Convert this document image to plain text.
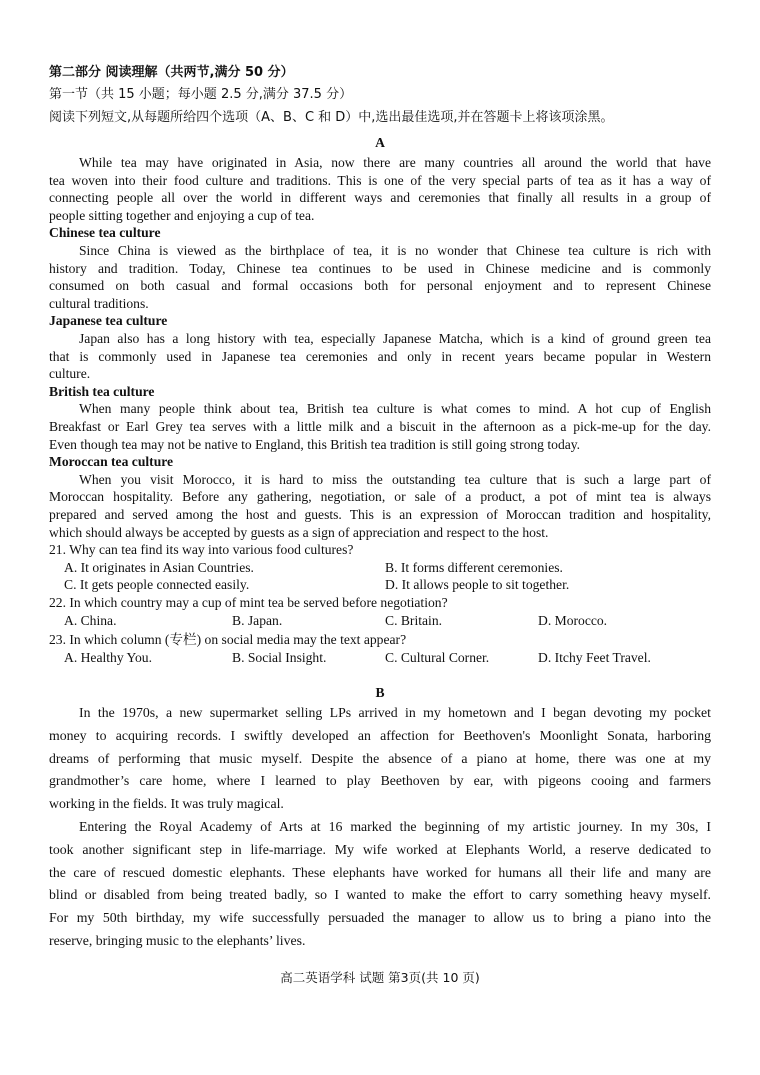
第二部分 阅读理解（共两节,满分 50 分）
第一节（共 15 小题；每小题 2.5 分,满分 37.5 分）
阅读下列短文,从每题所给四个选项（A、B、C 和 D）中,选出最佳选项,并在答题卡上将该项涂黑。
A
While tea may have originated in Asia, now there are many countries all around the world that have
tea woven into their food culture and traditions. This is one of the very special parts of tea as it has a way of
connecting people all over the world in different ways and ceremonies that finally all results in a group of
people sitting together and enjoying a cup of tea.
Chinese tea culture
Since China is viewed as the birthplace of tea, it is no wonder that Chinese tea culture is rich with
history and tradition. Today, Chinese tea continues to be used in Chinese medicine and is commonly
consumed on both casual and formal occasions both for personal enjoyment and to represent Chinese
cultural traditions.
Japanese tea culture
Japan also has a long history with tea, especially Japanese Matcha, which is a kind of ground green tea
that is commonly used in Japanese tea ceremonies and only in recent years became popular in Western
culture.
British tea culture
When many people think about tea, British tea culture is what comes to mind. A hot cup of English
Breakfast or Earl Grey tea serves with a little milk and a biscuit in the afternoon as a pick-me-up for the day.
Even though tea may not be native to England, this British tea tradition is still going strong today.
Moroccan tea culture
When you visit Morocco, it is hard to miss the outstanding tea culture that is such a large part of
Moroccan hospitality. Before any gathering, negotiation, or sale of a product, a pot of mint tea is always
prepared and served among the host and guests. This is an expression of Moroccan tradition and hospitality,
which should always be accepted by guests as a sign of appreciation and respect to the host.
21. Why can tea find its way into various food cultures?
A. It originates in Asian Countries.	B. It forms different ceremonies.
C. It gets people connected easily.	D. It allows people to sit together.
22. In which country may a cup of mint tea be served before negotiation?
A. China.	B. Japan.	C. Britain.	D. Morocco.
23. In which column (专栏) on social media may the text appear?
A. Healthy You.	B. Social Insight.	C. Cultural Corner.	D. Itchy Feet Travel.
B
In the 1970s, a new supermarket selling LPs arrived in my hometown and I began devoting my pocket
money to acquiring records. I swiftly developed an affection for Beethoven's Moonlight Sonata, harboring
dreams of performing that music myself. Despite the absence of a piano at home, there was one at my
grandmother’s care home, where I learned to play Beethoven by ear, with pigeons cooing and farmers
working in the fields. It was truly magical.
Entering the Royal Academy of Arts at 16 marked the beginning of my artistic journey. In my 30s, I
took another significant step in life-marriage. My wife worked at Elephants World, a reserve dedicated to
the care of rescued domestic elephants. These elephants have worked for humans all their life and many are
blind or disabled from being treated badly, so I wanted to make the effort to carry something heavy myself.
For my 50th birthday, my wife successfully persuaded the manager to allow us to bring a piano into the
reserve, bringing music to the elephants’ lives.
高二英语学科 试题 第3页(共 10 页)
